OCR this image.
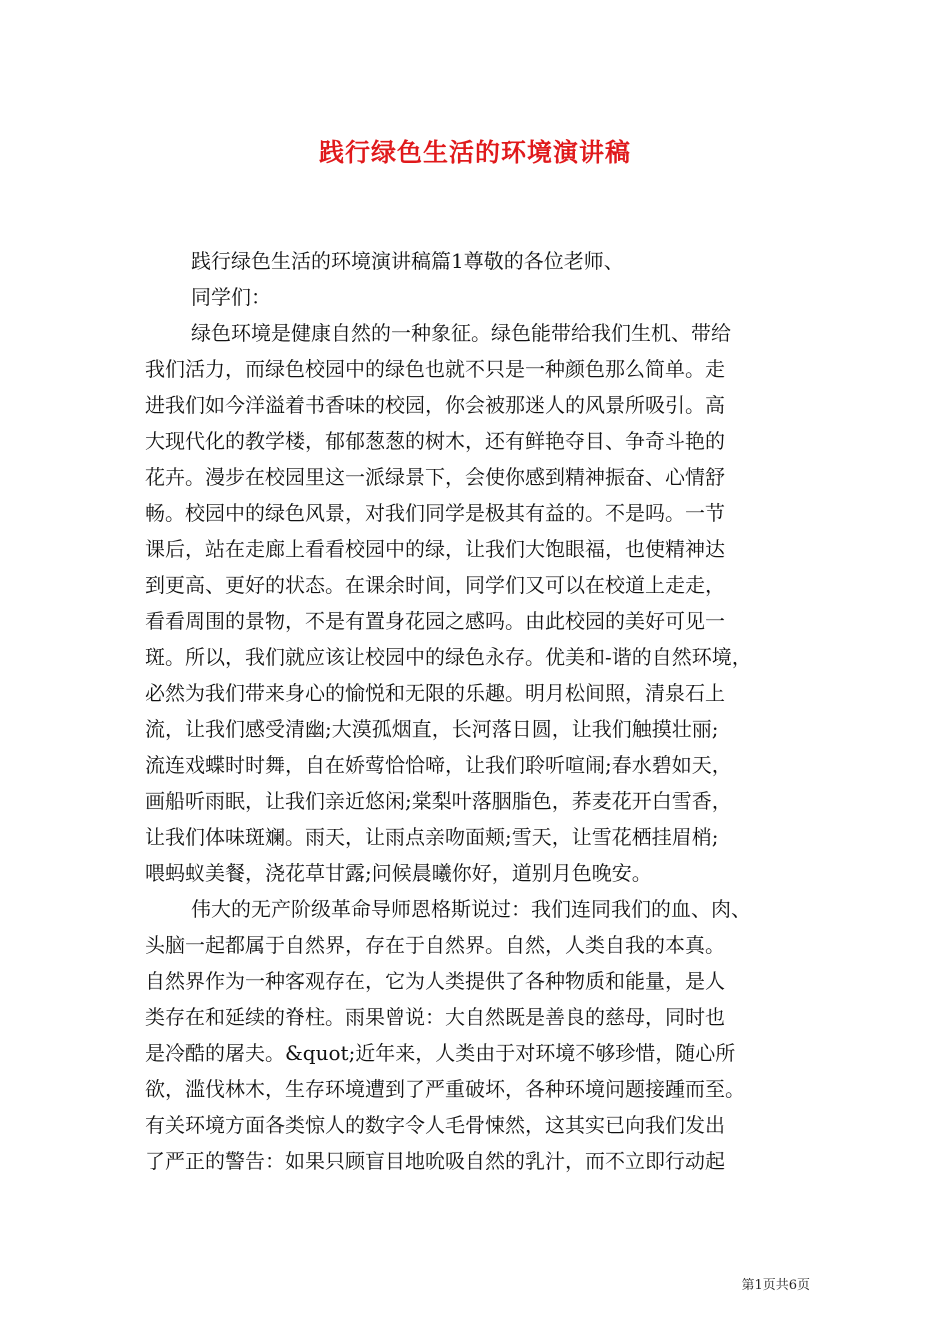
践行绿色生活的环境演讲稿
践行绿色生活的环境演讲稿篇1尊敬的各位老师、
同学们：
绿色环境是健康自然的一种象征。绿色能带给我们生机、带给
我们活力，而绿色校园中的绿色也就不只是一种颜色那么简单。走
进我们如今洋溢着书香味的校园，你会被那迷人的风景所吸引。高
大现代化的教学楼，郁郁葱葱的树木，还有鲜艳夺目、争奇斗艳的
花卉。漫步在校园里这一派绿景下，会使你感到精神振奋、心情舒
畅。校园中的绿色风景，对我们同学是极其有益的。不是吗。一节
课后，站在走廊上看看校园中的绿，让我们大饱眼福，也使精神达
到更高、更好的状态。在课余时间，同学们又可以在校道上走走，
看看周围的景物，不是有置身花园之感吗。由此校园的美好可见一
斑。所以，我们就应该让校园中的绿色永存。优美和-谐的自然环境，
必然为我们带来身心的愉悦和无限的乐趣。明月松间照，清泉石上
流，让我们感受清幽;大漠孤烟直，长河落日圆，让我们触摸壮丽;
流连戏蝶时时舞，自在娇莺恰恰啼，让我们聆听喧闹;春水碧如天，
画船听雨眠，让我们亲近悠闲;棠梨叶落胭脂色，荞麦花开白雪香，
让我们体味斑斓。雨天，让雨点亲吻面颊;雪天，让雪花栖挂眉梢;
喂蚂蚁美餐，浇花草甘露;问候晨曦你好，道别月色晚安。
伟大的无产阶级革命导师恩格斯说过：我们连同我们的血、肉、
头脑一起都属于自然界，存在于自然界。自然，人类自我的本真。
自然界作为一种客观存在，它为人类提供了各种物质和能量，是人
类存在和延续的脊柱。雨果曾说：大自然既是善良的慈母，同时也
是冷酷的屠夫。&quot;近年来，人类由于对环境不够珍惜，随心所
欲，滥伐林木，生存环境遭到了严重破坏，各种环境问题接踵而至。
有关环境方面各类惊人的数字令人毛骨悚然，这其实已向我们发出
了严正的警告：如果只顾盲目地吮吸自然的乳汁，而不立即行动起
第1页共6页
